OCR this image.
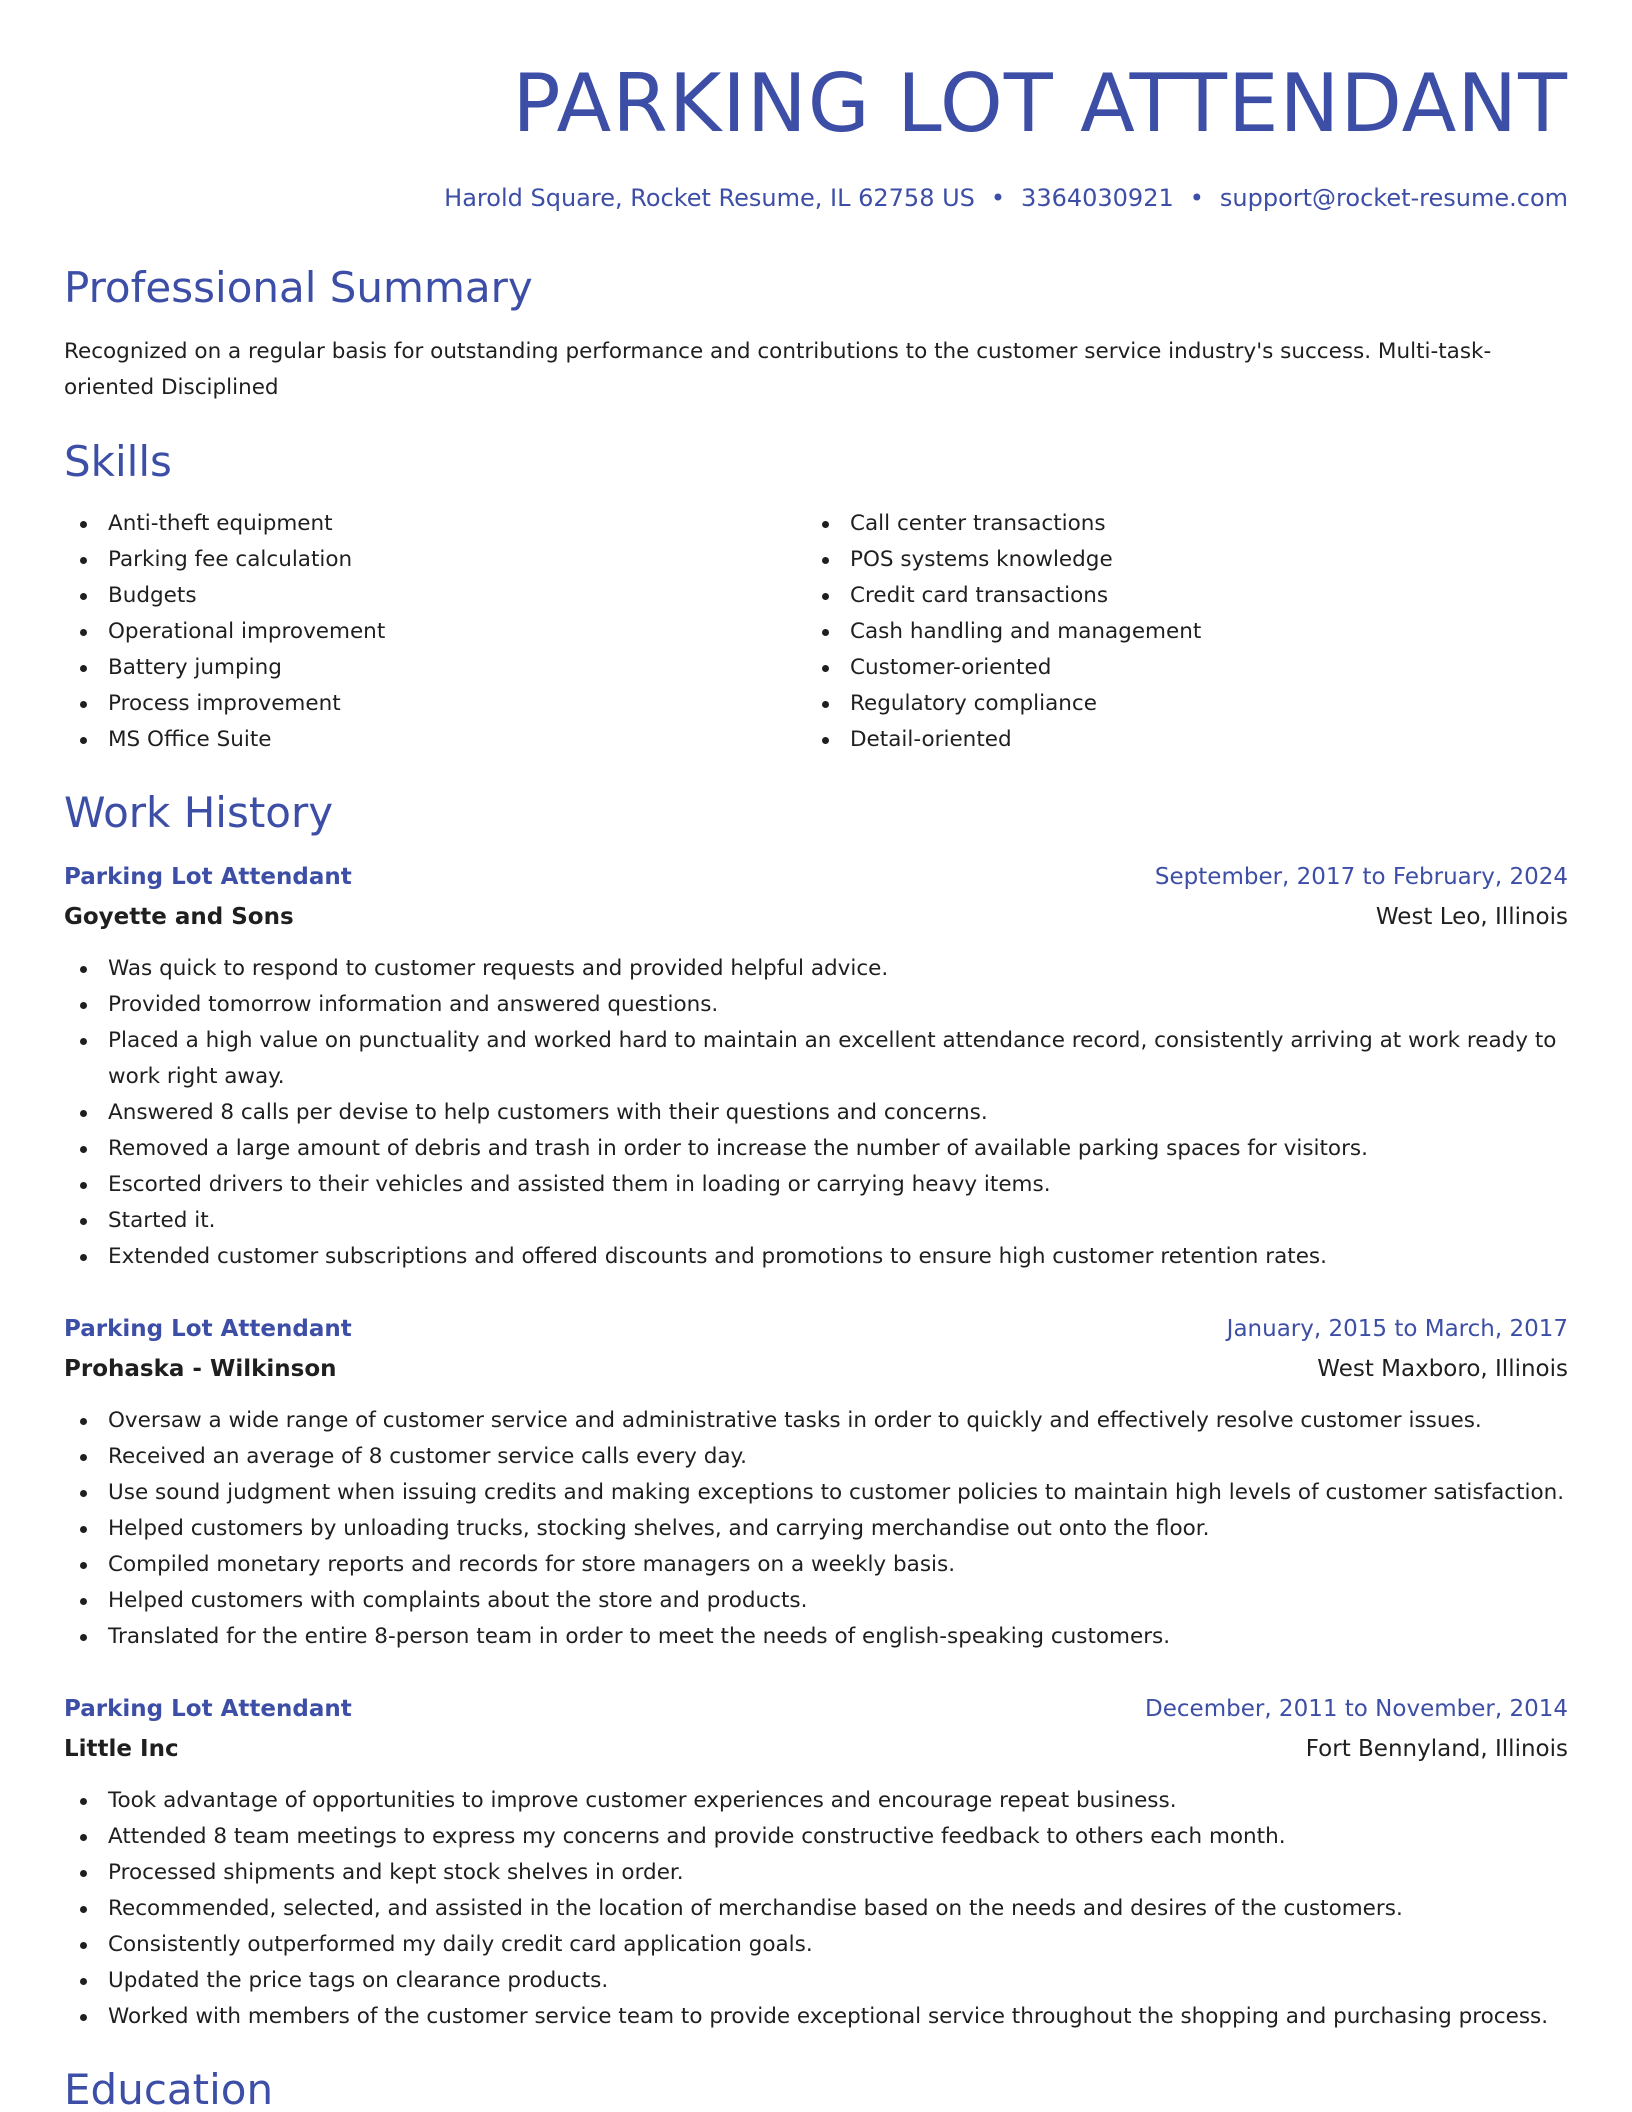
PARKING LOT ATTENDANT
Harold Square, Rocket Resume, IL 62758 US • 3364030921 • support@rocket-resume.com
Professional Summary

Recognized on a regular basis for outstanding performance and contributions to the customer service industry's success. Multi-task-oriented Disciplined

Skills
Anti-theft equipment
Parking fee calculation
Budgets
Operational improvement
Battery jumping
Process improvement
MS Office Suite
Call center transactions
POS systems knowledge
Credit card transactions
Cash handling and management
Customer-oriented
Regulatory compliance
Detail-oriented
Work History
Parking Lot Attendant	September, 2017 to February, 2024
Goyette and Sons	West Leo, Illinois
Was quick to respond to customer requests and provided helpful advice.
Provided tomorrow information and answered questions.
Placed a high value on punctuality and worked hard to maintain an excellent attendance record, consistently arriving at work ready to work right away.
Answered 8 calls per devise to help customers with their questions and concerns.
Removed a large amount of debris and trash in order to increase the number of available parking spaces for visitors.
Escorted drivers to their vehicles and assisted them in loading or carrying heavy items.
Started it.
Extended customer subscriptions and offered discounts and promotions to ensure high customer retention rates.
Parking Lot Attendant	January, 2015 to March, 2017
Prohaska - Wilkinson	West Maxboro, Illinois
Oversaw a wide range of customer service and administrative tasks in order to quickly and effectively resolve customer issues.
Received an average of 8 customer service calls every day.
Use sound judgment when issuing credits and making exceptions to customer policies to maintain high levels of customer satisfaction.
Helped customers by unloading trucks, stocking shelves, and carrying merchandise out onto the floor.
Compiled monetary reports and records for store managers on a weekly basis.
Helped customers with complaints about the store and products.
Translated for the entire 8-person team in order to meet the needs of english-speaking customers.
Parking Lot Attendant	December, 2011 to November, 2014
Little Inc	Fort Bennyland, Illinois
Took advantage of opportunities to improve customer experiences and encourage repeat business.
Attended 8 team meetings to express my concerns and provide constructive feedback to others each month.
Processed shipments and kept stock shelves in order.
Recommended, selected, and assisted in the location of merchandise based on the needs and desires of the customers.
Consistently outperformed my daily credit card application goals.
Updated the price tags on clearance products.
Worked with members of the customer service team to provide exceptional service throughout the shopping and purchasing process.
Education
